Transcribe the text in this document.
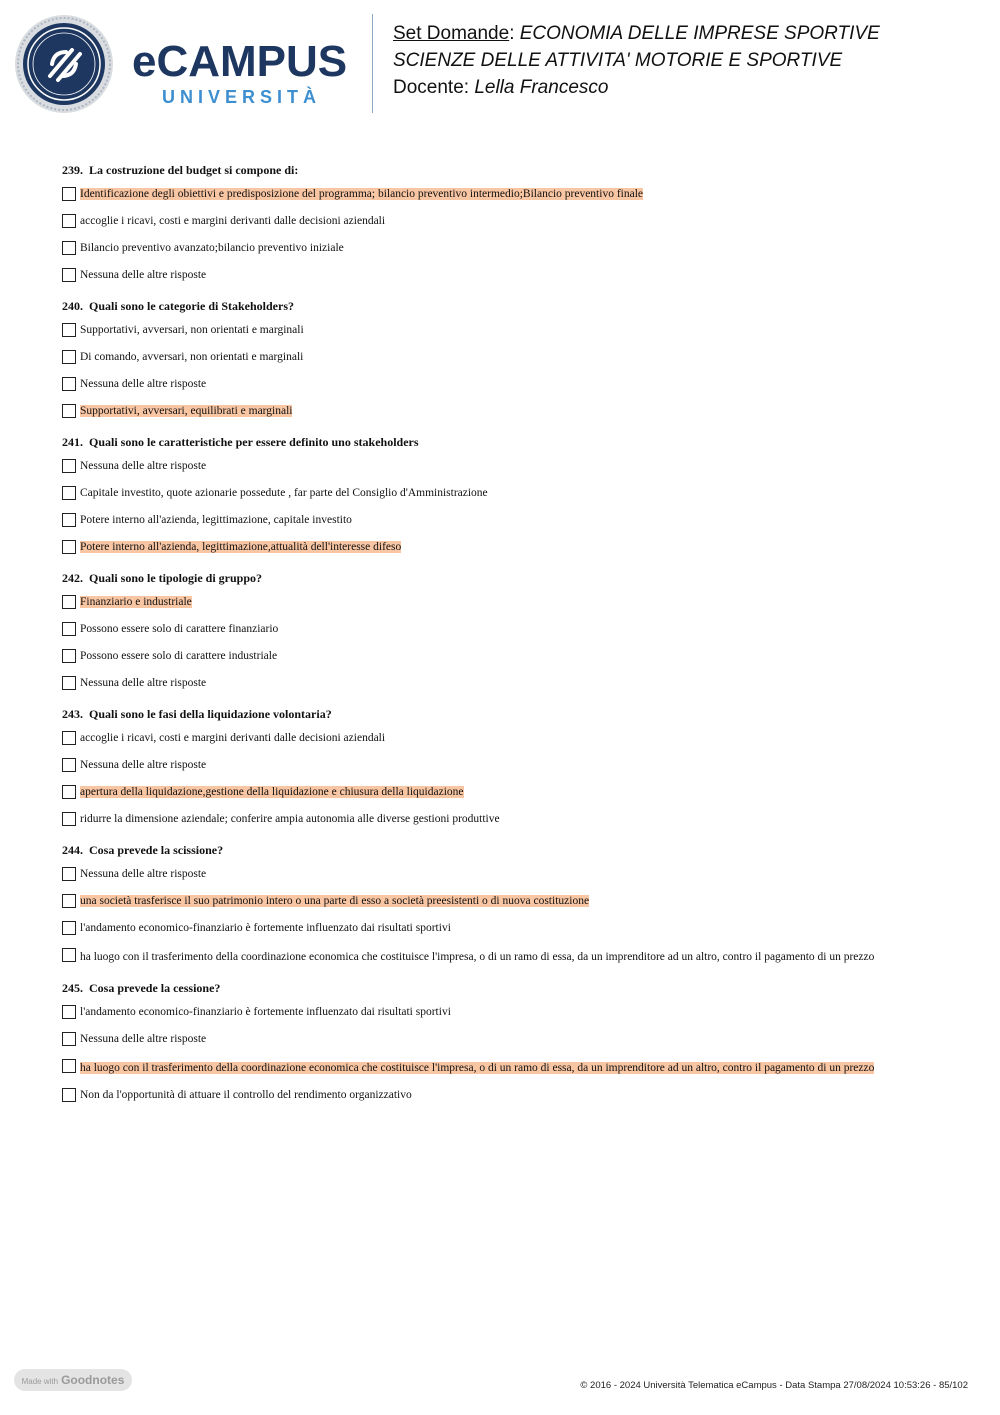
eCAMPUS
UNIVERSITÀ
Set Domande: ECONOMIA DELLE IMPRESE SPORTIVE
SCIENZE DELLE ATTIVITA' MOTORIE E SPORTIVE
Docente: Lella Francesco
239. La costruzione del budget si compone di:
Identificazione degli obiettivi e predisposizione del programma; bilancio preventivo intermedio;Bilancio preventivo finale
accoglie i ricavi, costi e margini derivanti dalle decisioni aziendali
Bilancio preventivo avanzato;bilancio preventivo iniziale
Nessuna delle altre risposte
240. Quali sono le categorie di Stakeholders?
Supportativi, avversari, non orientati e marginali
Di comando, avversari, non orientati e marginali
Nessuna delle altre risposte
Supportativi, avversari, equilibrati e marginali
241. Quali sono le caratteristiche per essere definito uno stakeholders
Nessuna delle altre risposte
Capitale investito, quote azionarie possedute , far parte del Consiglio d'Amministrazione
Potere interno all'azienda, legittimazione, capitale investito
Potere interno all'azienda, legittimazione,attualità dell'interesse difeso
242. Quali sono le tipologie di gruppo?
Finanziario e industriale
Possono essere solo di carattere finanziario
Possono essere solo di carattere industriale
Nessuna delle altre risposte
243. Quali sono le fasi della liquidazione volontaria?
accoglie i ricavi, costi e margini derivanti dalle decisioni aziendali
Nessuna delle altre risposte
apertura della liquidazione,gestione della liquidazione e chiusura della liquidazione
ridurre la dimensione aziendale; conferire ampia autonomia alle diverse gestioni produttive
244. Cosa prevede la scissione?
Nessuna delle altre risposte
una società trasferisce il suo patrimonio intero o una parte di esso a società preesistenti o di nuova costituzione
l'andamento economico-finanziario è fortemente influenzato dai risultati sportivi
ha luogo con il trasferimento della coordinazione economica che costituisce l'impresa, o di un ramo di essa, da un imprenditore ad un altro, contro il pagamento di un prezzo
245. Cosa prevede la cessione?
l'andamento economico-finanziario è fortemente influenzato dai risultati sportivi
Nessuna delle altre risposte
ha luogo con il trasferimento della coordinazione economica che costituisce l'impresa, o di un ramo di essa, da un imprenditore ad un altro, contro il pagamento di un prezzo
Non da l'opportunità di attuare il controllo del rendimento organizzativo
Made with Goodnotes	© 2016 - 2024 Università Telematica eCampus - Data Stampa 27/08/2024 10:53:26 - 85/102
